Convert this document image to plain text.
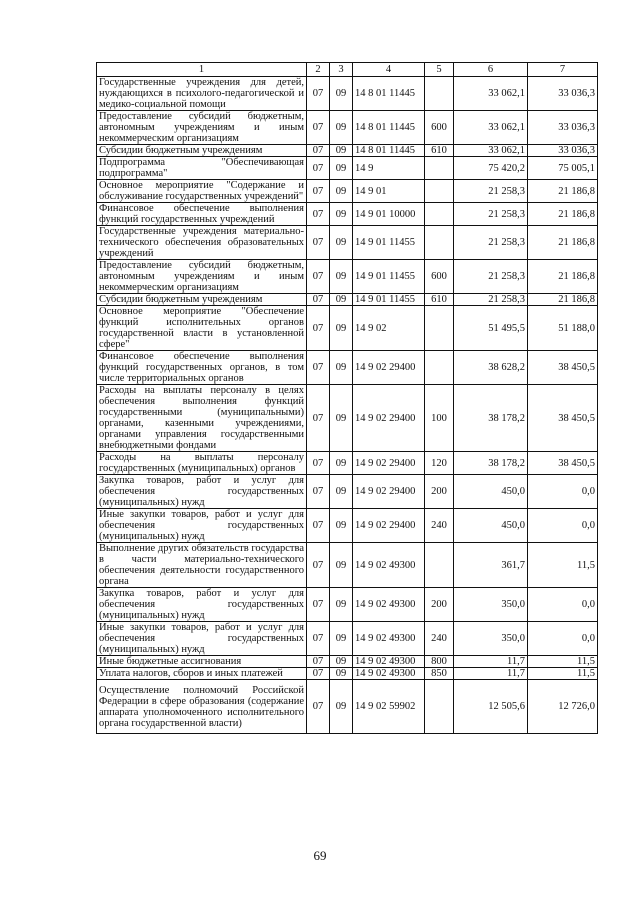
1	2	3	4	5	6	7
Государственные учреждения для детей, нуждающихся в психолого-педагогической и медико-социальной помощи	07	09	14 8 01 11445		33 062,1	33 036,3
Предоставление субсидий бюджетным, автономным учреждениям и иным некоммерческим организациям	07	09	14 8 01 11445	600	33 062,1	33 036,3
Субсидии бюджетным учреждениям	07	09	14 8 01 11445	610	33 062,1	33 036,3
Подпрограмма "Обеспечивающая подпрограмма"	07	09	14 9		75 420,2	75 005,1
Основное мероприятие "Содержание и обслуживание государственных учреждений"	07	09	14 9 01		21 258,3	21 186,8
Финансовое обеспечение выполнения функций государственных учреждений	07	09	14 9 01 10000		21 258,3	21 186,8
Государственные учреждения материально-технического обеспечения образовательных учреждений	07	09	14 9 01 11455		21 258,3	21 186,8
Предоставление субсидий бюджетным, автономным учреждениям и иным некоммерческим организациям	07	09	14 9 01 11455	600	21 258,3	21 186,8
Субсидии бюджетным учреждениям	07	09	14 9 01 11455	610	21 258,3	21 186,8
Основное мероприятие "Обеспечение функций исполнительных органов государственной власти в установленной сфере"	07	09	14 9 02		51 495,5	51 188,0
Финансовое обеспечение выполнения функций государственных органов, в том числе территориальных органов	07	09	14 9 02 29400		38 628,2	38 450,5
Расходы на выплаты персоналу в целях обеспечения выполнения функций государственными (муниципальными) органами, казенными учреждениями, органами управления государственными внебюджетными фондами	07	09	14 9 02 29400	100	38 178,2	38 450,5
Расходы на выплаты персоналу государственных (муниципальных) органов	07	09	14 9 02 29400	120	38 178,2	38 450,5
Закупка товаров, работ и услуг для обеспечения государственных (муниципальных) нужд	07	09	14 9 02 29400	200	450,0	0,0
Иные закупки товаров, работ и услуг для обеспечения государственных (муниципальных) нужд	07	09	14 9 02 29400	240	450,0	0,0
Выполнение других обязательств государства в части материально-технического обеспечения деятельности государственного органа	07	09	14 9 02 49300		361,7	11,5
Закупка товаров, работ и услуг для обеспечения государственных (муниципальных) нужд	07	09	14 9 02 49300	200	350,0	0,0
Иные закупки товаров, работ и услуг для обеспечения государственных (муниципальных) нужд	07	09	14 9 02 49300	240	350,0	0,0
Иные бюджетные ассигнования	07	09	14 9 02 49300	800	11,7	11,5
Уплата налогов, сборов и иных платежей	07	09	14 9 02 49300	850	11,7	11,5
Осуществление полномочий Российской Федерации в сфере образования (содержание аппарата уполномоченного исполнительного органа государственной власти)	07	09	14 9 02 59902		12 505,6	12 726,0
69
